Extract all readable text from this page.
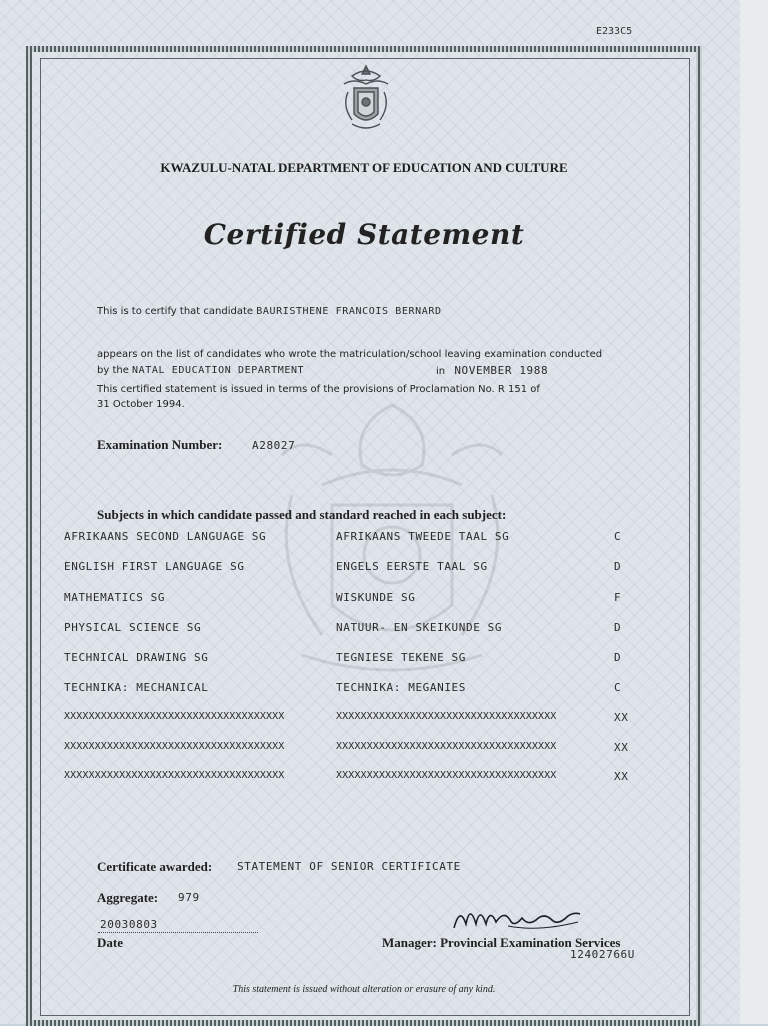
E233C5
KWAZULU-NATAL DEPARTMENT OF EDUCATION AND CULTURE
Certified Statement
This is to certify that candidate BAURISTHENE FRANCOIS BERNARD
appears on the list of candidates who wrote the matriculation/school leaving examination conducted
by the NATAL EDUCATION DEPARTMENT	in NOVEMBER 1988
This certified statement is issued in terms of the provisions of Proclamation No. R 151 of
31 October 1994.
Examination Number:	A28027
Subjects in which candidate passed and standard reached in each subject:
AFRIKAANS SECOND LANGUAGE SG	AFRIKAANS TWEEDE TAAL SG	C
ENGLISH FIRST LANGUAGE SG	ENGELS EERSTE TAAL SG	D
MATHEMATICS SG	WISKUNDE SG	F
PHYSICAL SCIENCE SG	NATUUR- EN SKEIKUNDE SG	D
TECHNICAL DRAWING SG	TEGNIESE TEKENE SG	D
TECHNIKA: MECHANICAL	TECHNIKA: MEGANIES	C
XXXXXXXXXXXXXXXXXXXXXXXXXXXXXXXXXXXX	XXXXXXXXXXXXXXXXXXXXXXXXXXXXXXXXXXXX	XX
XXXXXXXXXXXXXXXXXXXXXXXXXXXXXXXXXXXX	XXXXXXXXXXXXXXXXXXXXXXXXXXXXXXXXXXXX	XX
XXXXXXXXXXXXXXXXXXXXXXXXXXXXXXXXXXXX	XXXXXXXXXXXXXXXXXXXXXXXXXXXXXXXXXXXX	XX
Certificate awarded: STATEMENT OF SENIOR CERTIFICATE
Aggregate: 979
20030803
Date	Manager: Provincial Examination Services
12402766U
This statement is issued without alteration or erasure of any kind.
